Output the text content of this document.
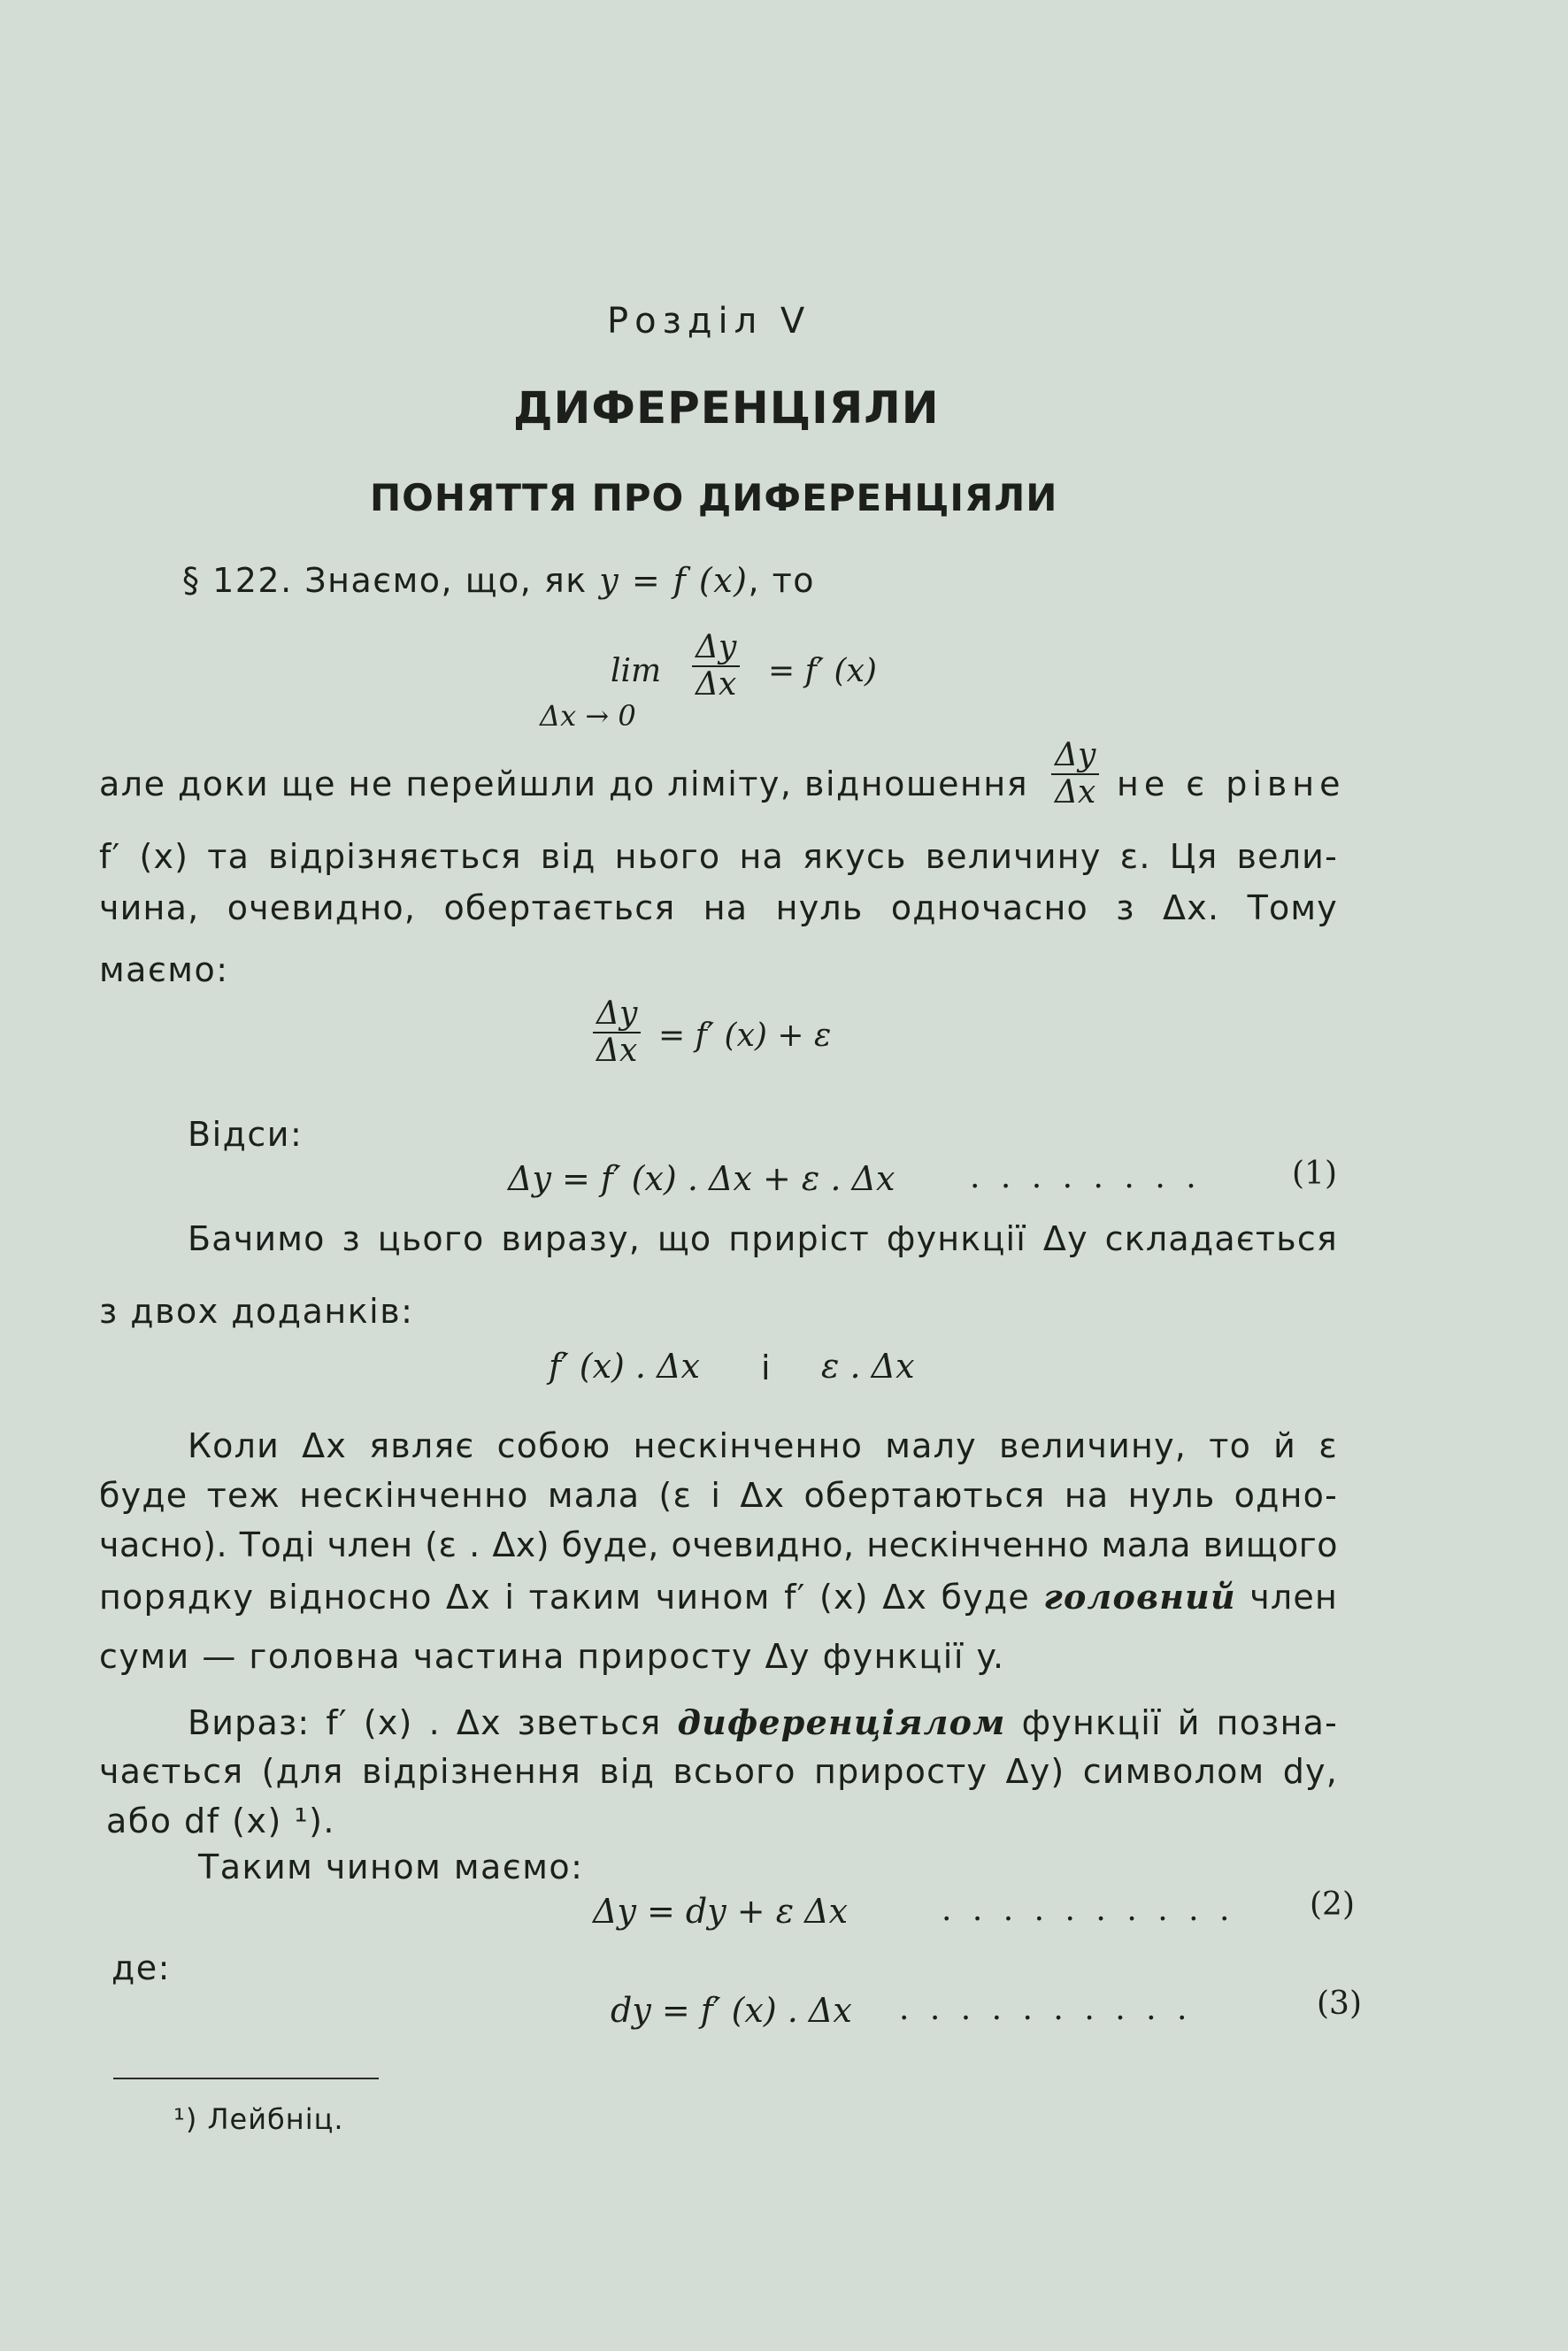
Розділ V
ДИФЕРЕНЦІЯЛИ
ПОНЯТТЯ ПРО ДИФЕРЕНЦІЯЛИ
§ 122. Знаємо, що, як y = f (x), то
lim
Δx → 0
$\frac{\Delta y}{\Delta x} = f'$ (x)
але доки ще не перейшли до ліміту, відношення $\frac{\Delta y}{\Delta x}$ не є рівне
f′ (x) та відрізняється від нього на якусь величину ε. Ця вели-
чина, очевидно, обертається на нуль одночасно з Δx. Тому
маємо:
$\frac{\Delta y}{\Delta x} = f'$ (x) + ε
Відси:
Δy = f′ (x) . Δx + ε . Δx . . . . . . . .	(1)
Бачимо з цього виразу, що приріст функції Δy складається
з двох доданків:
f′ (x) . Δx і ε . Δx
Коли Δx являє собою нескінченно малу величину, то й ε
буде теж нескінченно мала (ε і Δx обертаються на нуль одно-
часно). Тоді член (ε . Δx) буде, очевидно, нескінченно мала вищого
порядку відносно Δx і таким чином f′ (x) Δx буде головний член
суми — головна частина приросту Δy функції y.
Вираз: f′ (x) . Δx зветься диференціялом функції й позна-
чається (для відрізнення від всього приросту Δy) символом dy,
або df (x) ¹).
Таким чином маємо:
Δy = dy + ε Δx	. . . . . . . . . . (2)
де:
dy = f′ (x) . Δx . . . . . . . . . .	(3)
¹) Лейбніц.
